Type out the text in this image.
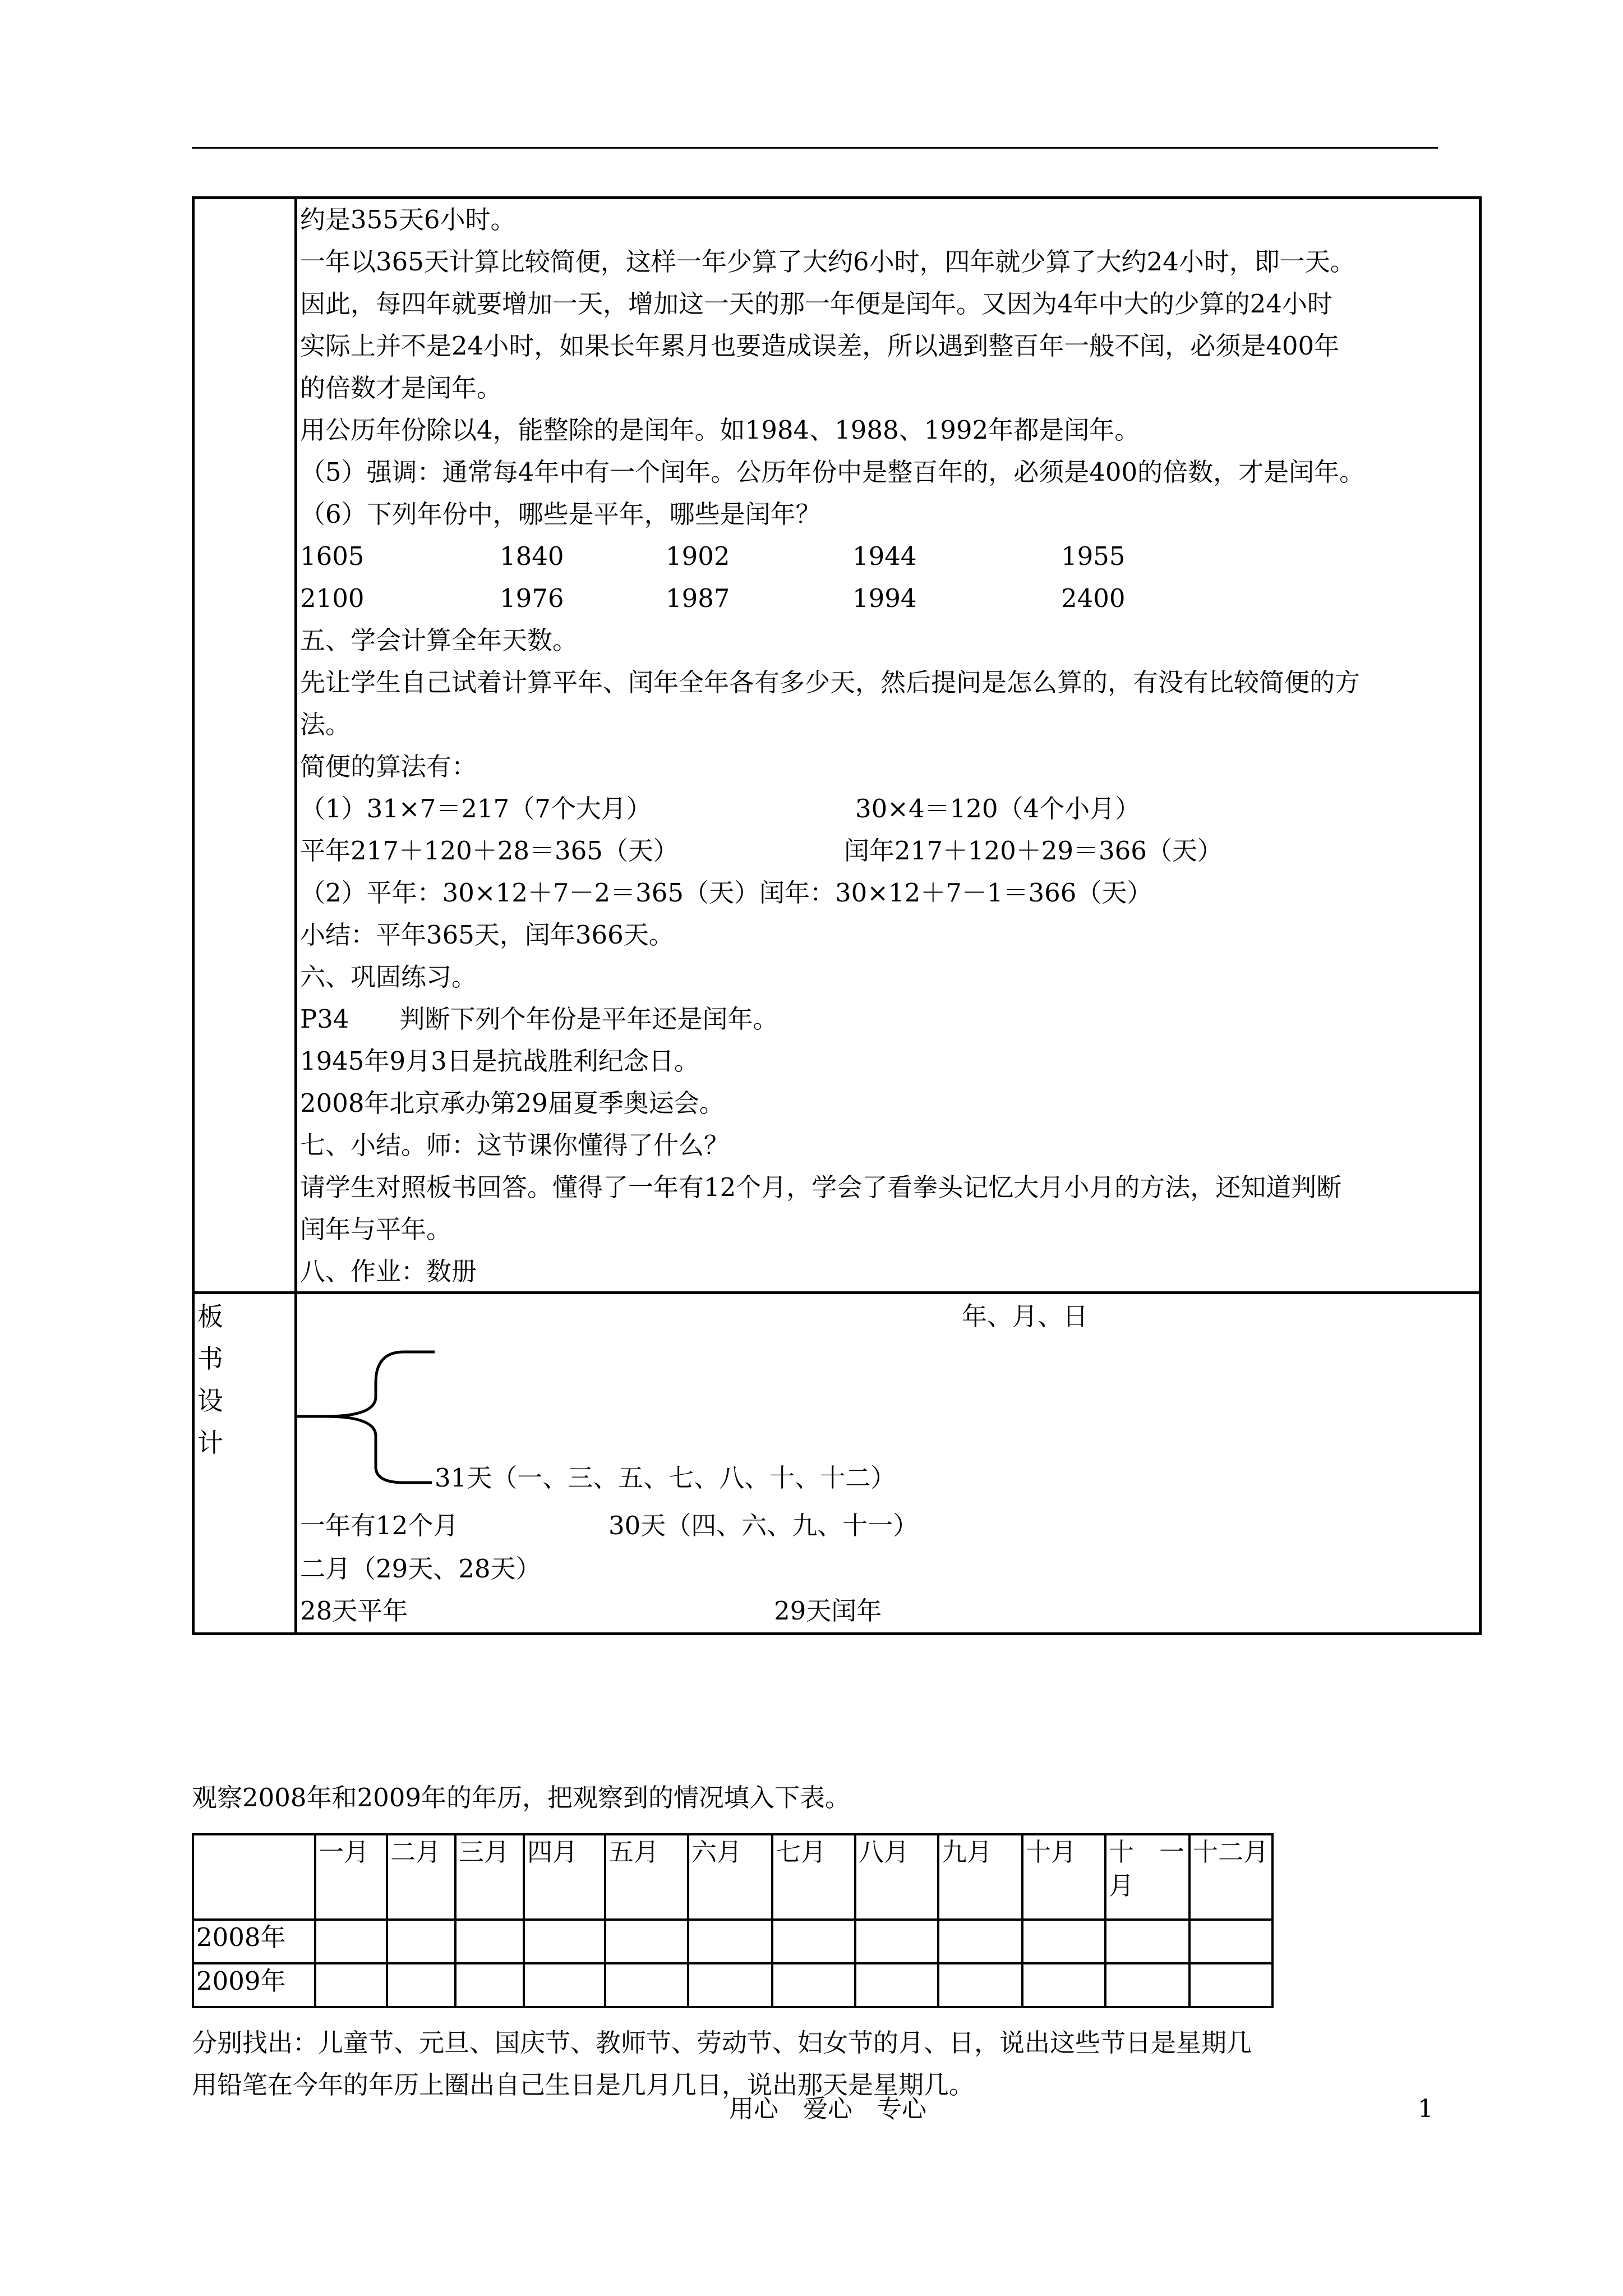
约是355天6小时。
一年以365天计算比较简便，这样一年少算了大约6小时，四年就少算了大约24小时，即一天。
因此，每四年就要增加一天，增加这一天的那一年便是闰年。又因为4年中大的少算的24小时
实际上并不是24小时，如果长年累月也要造成误差，所以遇到整百年一般不闰，必须是400年
的倍数才是闰年。
用公历年份除以4，能整除的是闰年。如1984、1988、1992年都是闰年。
（5）强调：通常每4年中有一个闰年。公历年份中是整百年的，必须是400的倍数，才是闰年。
（6）下列年份中，哪些是平年，哪些是闰年？
1605	1840	1902	1944	1955
2100	1976	1987	1994	2400
五、学会计算全年天数。
先让学生自己试着计算平年、闰年全年各有多少天，然后提问是怎么算的，有没有比较简便的方
法。
简便的算法有：
（1）31×7＝217（7个大月）	30×4＝120（4个小月）
平年217＋120＋28＝365（天）	闰年217＋120＋29＝366（天）
（2）平年：30×12＋7－2＝365（天）闰年：30×12＋7－1＝366（天）
小结：平年365天，闰年366天。
六、巩固练习。
P34　　判断下列个年份是平年还是闰年。
1945年9月3日是抗战胜利纪念日。
2008年北京承办第29届夏季奥运会。
七、小结。师：这节课你懂得了什么？
请学生对照板书回答。懂得了一年有12个月，学会了看拳头记忆大月小月的方法，还知道判断
闰年与平年。
八、作业：数册
板
书
设
计
年、月、日
31天（一、三、五、七、八、十、十二）
一年有12个月	30天（四、六、九、十一）
二月（29天、28天）
28天平年	29天闰年
观察2008年和2009年的年历，把观察到的情况填入下表。
	一月	二月	三月	四月	五月	六月	七月	八月	九月	十月	十　一月	十二月
2008年												
2009年												
分别找出：儿童节、元旦、国庆节、教师节、劳动节、妇女节的月、日，说出这些节日是星期几
用铅笔在今年的年历上圈出自己生日是几月几日，说出那天是星期几。
用心　爱心　专心	1
